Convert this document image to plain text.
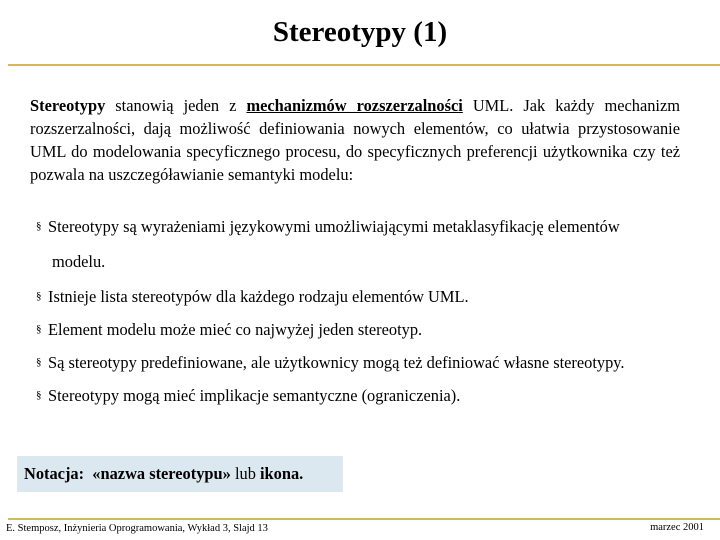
Stereotypy (1)
Stereotypy stanowią jeden z mechanizmów rozszerzalności UML. Jak każdy mechanizm rozszerzalności, dają możliwość definiowania nowych elementów, co ułatwia przystosowanie UML do modelowania specyficznego procesu, do specyficznych preferencji użytkownika czy też pozwala na uszczegóławianie semantyki modelu:
§ Stereotypy są wyrażeniami językowymi umożliwiającymi metaklasyfikację elementów
modelu.
§ Istnieje lista stereotypów dla każdego rodzaju elementów UML.
§ Element modelu może mieć co najwyżej jeden stereotyp.
§ Są stereotypy predefiniowane, ale użytkownicy mogą też definiować własne stereotypy.
§ Stereotypy mogą mieć implikacje semantyczne (ograniczenia).
Notacja: «nazwa stereotypu» lub ikona.
E. Stemposz, Inżynieria Oprogramowania, Wykład 3, Slajd 13	marzec 2001
